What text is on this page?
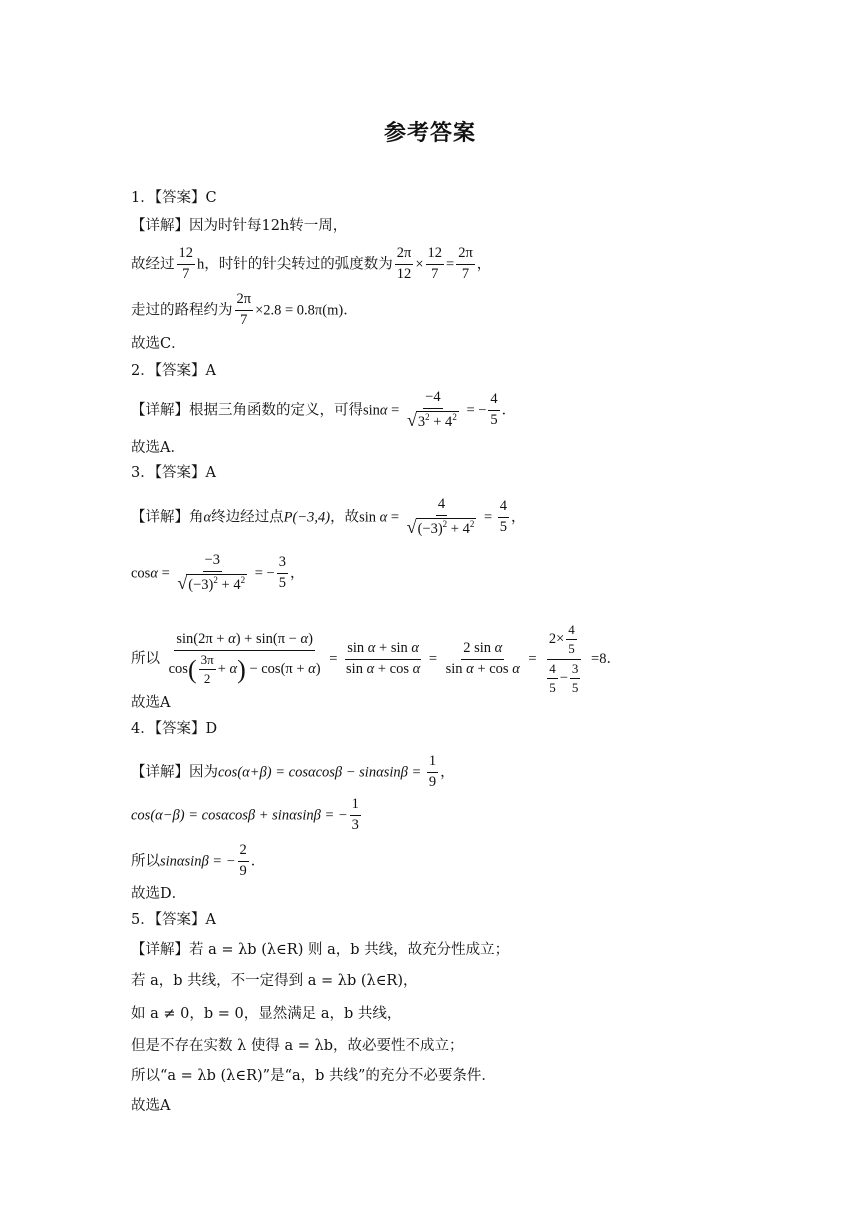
参考答案
1．【答案】C
【详解】因为时针每12h转一周，
故经过 $\frac{12}{7}$ h，时针的针尖转过的弧度数为 $\frac{2\pi}{12} \times \frac{12}{7} = \frac{2\pi}{7}$ ，
走过的路程约为 $\frac{2\pi}{7} \times 2.8 = 0.8\pi(m)$．
故选C．
2．【答案】A
【详解】根据三角函数的定义，可得$\sin\alpha = \frac{-4}{√ 3^2 + 4^2}$ = − $\frac{4}{5}$ ．
故选A．
3．【答案】A
【详解】角α终边经过点P(−3,4)，故$\sin \alpha = \frac{4}{√ (-3)^2 + 4^2} = \frac{4}{5}$ ，
$\cos\alpha = \frac{-3}{√ (-3)^2 + 4^2}$ = − $\frac{3}{5}$ ，
所以 $\frac{\sin(2\pi + \alpha) + \sin(\pi - \alpha)}{\cos( \frac{3\pi}{2} + \alpha) - \cos(\pi + \alpha)} = \frac{\text{sin α + sin α}}{\text{sin α + cos α}} = \frac{\text{2 sin α}}{\text{sin α + cos α}} = \frac{2\times \frac{4}{5}}{\frac{4}{5} - \frac{3}{5}} =8$．
故选A
4．【答案】D
【详解】因为$\cos(\alpha+\beta) = \cos\alpha\cos\beta - \sin\alpha\sin\beta = \frac{1}{9}$ ，
cos(α−β) = cosαcosβ + sinαsinβ = − $\frac{1}{3}$
所以sinαsinβ = − $\frac{2}{9}$ ．
故选D．
5．【答案】A
【详解】若 a = λb (λ∈R) 则 a，b 共线，故充分性成立；
若 a，b 共线，不一定得到 a = λb (λ∈R)，
如 a ≠ 0，b = 0，显然满足 a，b 共线，
但是不存在实数 λ 使得 a = λb，故必要性不成立；
所以“a = λb (λ∈R)”是“a，b 共线”的充分不必要条件．
故选A
